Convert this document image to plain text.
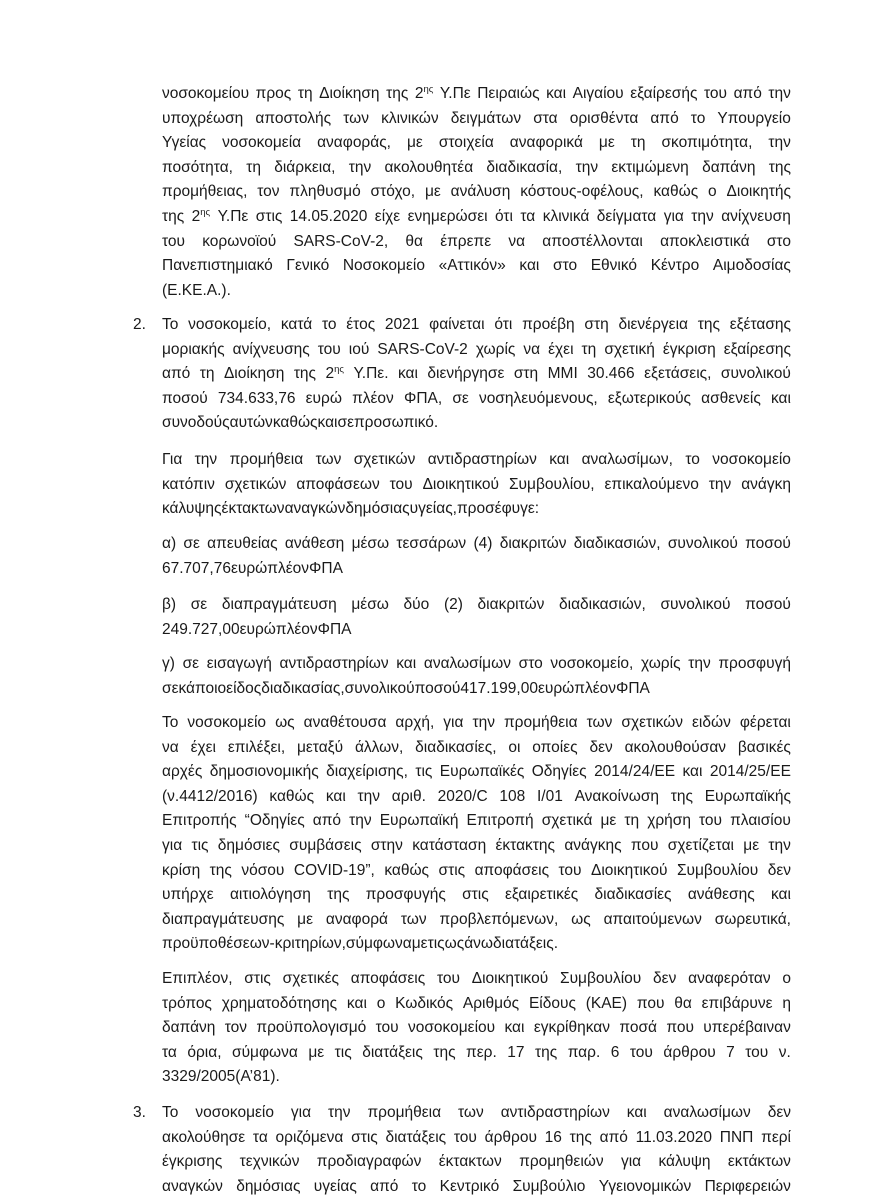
νοσοκομείου προς τη Διοίκηση της $2^{\eta\varsigma}$ Υ.Πε Πειραιώς και Αιγαίου εξαίρεσής του από την
υποχρέωση αποστολής των κλινικών δειγμάτων στα ορισθέντα από το Υπουργείο
Υγείας νοσοκομεία αναφοράς, με στοιχεία αναφορικά με τη σκοπιμότητα, την
ποσότητα, τη διάρκεια, την ακολουθητέα διαδικασία, την εκτιμώμενη δαπάνη της
προμήθειας, τον πληθυσμό στόχο, με ανάλυση κόστους-οφέλους, καθώς ο Διοικητής
της $2^{\eta\varsigma}$ Υ.Πε στις 14.05.2020 είχε ενημερώσει ότι τα κλινικά δείγματα για την ανίχνευση
του κορωνοϊού SARS-CoV-2, θα έπρεπε να αποστέλλονται αποκλειστικά στο
Πανεπιστημιακό Γενικό Νοσοκομείο «Αττικόν» και στο Εθνικό Κέντρο Αιμοδοσίας
(Ε.ΚΕ.Α.).
2.	Το νοσοκομείο, κατά το έτος 2021 φαίνεται ότι προέβη στη διενέργεια της εξέτασης
μοριακής ανίχνευσης του ιού SARS-CoV-2 χωρίς να έχει τη σχετική έγκριση εξαίρεσης
από τη Διοίκηση της $2^{\eta\varsigma}$ Υ.Πε. και διενήργησε στη ΜΜΙ 30.466 εξετάσεις, συνολικού
ποσού 734.633,76 ευρώ πλέον ΦΠΑ, σε νοσηλευόμενους, εξωτερικούς ασθενείς και
συνοδούς αυτών καθώς και σε προσωπικό.
Για την προμήθεια των σχετικών αντιδραστηρίων και αναλωσίμων, το νοσοκομείο
κατόπιν σχετικών αποφάσεων του Διοικητικού Συμβουλίου, επικαλούμενο την ανάγκη
κάλυψης έκτακτων αναγκών δημόσιας υγείας, προσέφυγε:
α) σε απευθείας ανάθεση μέσω τεσσάρων (4) διακριτών διαδικασιών, συνολικού ποσού
67.707,76 ευρώ πλέον ΦΠΑ
β) σε διαπραγμάτευση μέσω δύο (2) διακριτών διαδικασιών, συνολικού ποσού
249.727,00 ευρώ πλέον ΦΠΑ
γ) σε εισαγωγή αντιδραστηρίων και αναλωσίμων στο νοσοκομείο, χωρίς την προσφυγή
σε κάποιο είδος διαδικασίας, συνολικού ποσού 417.199,00 ευρώ πλέον ΦΠΑ
Το νοσοκομείο ως αναθέτουσα αρχή, για την προμήθεια των σχετικών ειδών φέρεται
να έχει επιλέξει, μεταξύ άλλων, διαδικασίες, οι οποίες δεν ακολουθούσαν βασικές
αρχές δημοσιονομικής διαχείρισης, τις Ευρωπαϊκές Οδηγίες 2014/24/ΕΕ και 2014/25/ΕΕ
(ν.4412/2016) καθώς και την αριθ. 2020/C 108 I/01 Ανακοίνωση της Ευρωπαϊκής
Επιτροπής “Οδηγίες από την Ευρωπαϊκή Επιτροπή σχετικά με τη χρήση του πλαισίου
για τις δημόσιες συμβάσεις στην κατάσταση έκτακτης ανάγκης που σχετίζεται με την
κρίση της νόσου COVID-19”, καθώς στις αποφάσεις του Διοικητικού Συμβουλίου δεν
υπήρχε αιτιολόγηση της προσφυγής στις εξαιρετικές διαδικασίες ανάθεσης και
διαπραγμάτευσης με αναφορά των προβλεπόμενων, ως απαιτούμενων σωρευτικά,
προϋποθέσεων-κριτηρίων, σύμφωνα με τις ως άνω διατάξεις.
Επιπλέον, στις σχετικές αποφάσεις του Διοικητικού Συμβουλίου δεν αναφερόταν ο
τρόπος χρηματοδότησης και ο Κωδικός Αριθμός Είδους (ΚΑΕ) που θα επιβάρυνε η
δαπάνη τον προϋπολογισμό του νοσοκομείου και εγκρίθηκαν ποσά που υπερέβαιναν
τα όρια, σύμφωνα με τις διατάξεις της περ. 17 της παρ. 6 του άρθρου 7 του ν.
3329/2005 (Α’ 81).
3.	Το νοσοκομείο για την προμήθεια των αντιδραστηρίων και αναλωσίμων δεν
ακολούθησε τα οριζόμενα στις διατάξεις του άρθρου 16 της από 11.03.2020 ΠΝΠ περί
έγκρισης τεχνικών προδιαγραφών έκτακτων προμηθειών για κάλυψη εκτάκτων
αναγκών δημόσιας υγείας από το Κεντρικό Συμβούλιο Υγειονομικών Περιφερειών
